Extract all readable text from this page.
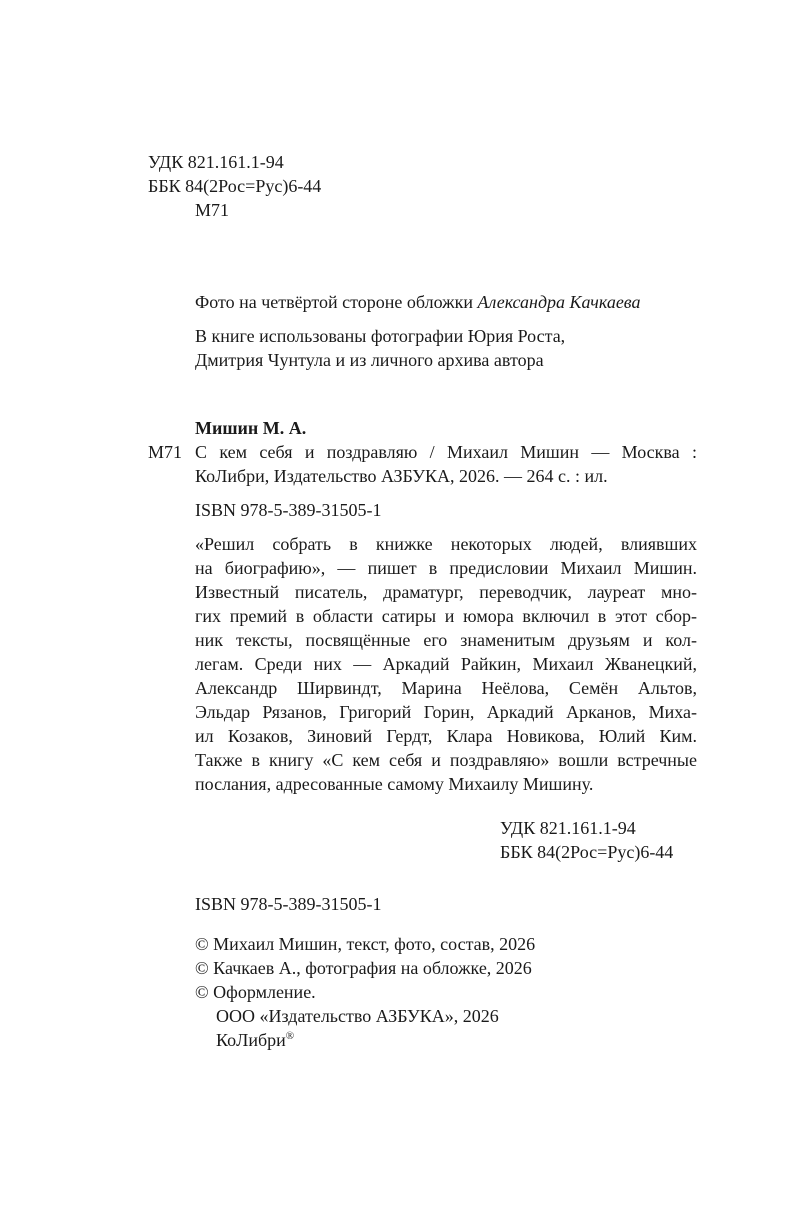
УДК 821.161.1-94
ББК 84(2Рос=Рус)6-44
М71
Фото на четвёртой стороне обложки Александра Качкаева
В книге использованы фотографии Юрия Роста,
Дмитрия Чунтула и из личного архива автора
Мишин М. А.
М71 С кем себя и поздравляю / Михаил Мишин — Москва :
КоЛибри, Издательство АЗБУКА, 2026. — 264 с. : ил.
ISBN 978-5-389-31505-1
«Решил собрать в книжке некоторых людей, влиявших
на биографию», — пишет в предисловии Михаил Мишин.
Известный писатель, драматург, переводчик, лауреат мно-
гих премий в области сатиры и юмора включил в этот сбор-
ник тексты, посвящённые его знаменитым друзьям и кол-
легам. Среди них — Аркадий Райкин, Михаил Жванецкий,
Александр Ширвиндт, Марина Неёлова, Семён Альтов,
Эльдар Рязанов, Григорий Горин, Аркадий Арканов, Миха-
ил Козаков, Зиновий Гердт, Клара Новикова, Юлий Ким.
Также в книгу «С кем себя и поздравляю» вошли встречные
послания, адресованные самому Михаилу Мишину.
УДК 821.161.1-94
ББК 84(2Рос=Рус)6-44
ISBN 978-5-389-31505-1
© Михаил Мишин, текст, фото, состав, 2026
© Качкаев А., фотография на обложке, 2026
© Оформление.
ООО «Издательство АЗБУКА», 2026
КоЛибри®
